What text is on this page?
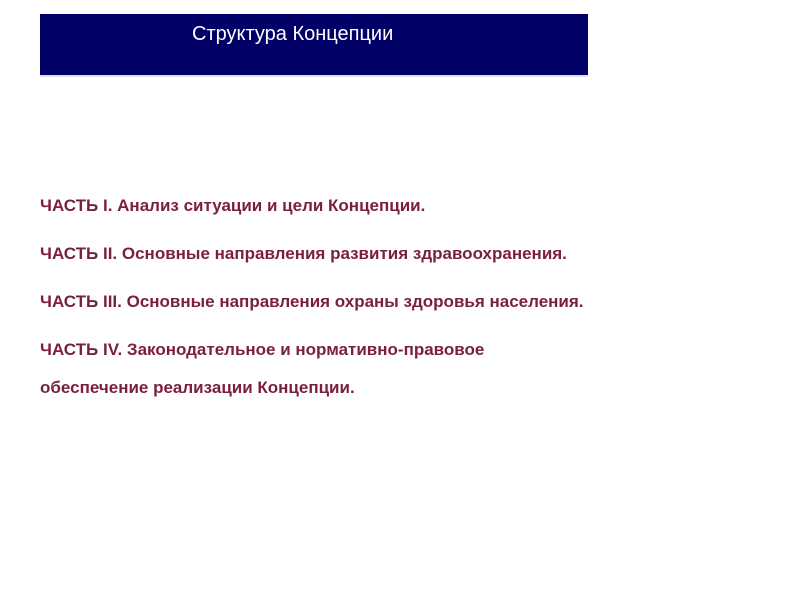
Структура Концепции
ЧАСТЬ I. Анализ ситуации и цели Концепции.
ЧАСТЬ II. Основные направления развития здравоохранения.
ЧАСТЬ III. Основные направления охраны здоровья населения.
ЧАСТЬ IV. Законодательное и нормативно-правовое
обеспечение реализации Концепции.
